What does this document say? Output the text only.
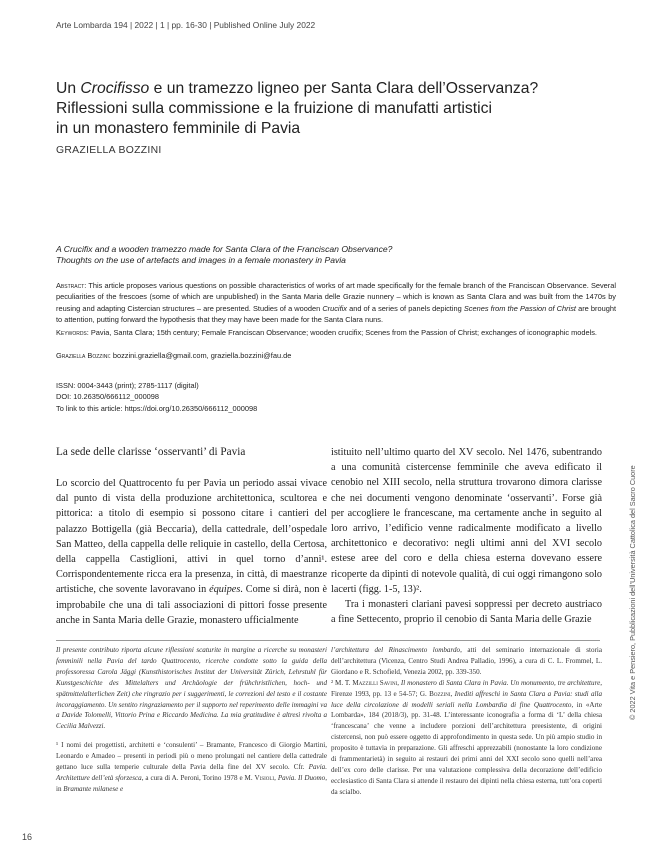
Arte Lombarda 194 | 2022 | 1 | pp. 16-30 | Published Online July 2022
Un Crocifisso e un tramezzo ligneo per Santa Clara dell’Osservanza?
Riflessioni sulla commissione e la fruizione di manufatti artistici
in un monastero femminile di Pavia
GRAZIELLA BOZZINI
A Crucifix and a wooden tramezzo made for Santa Clara of the Franciscan Observance?
Thoughts on the use of artefacts and images in a female monastery in Pavia

Abstract: This article proposes various questions on possible characteristics of works of art made specifically for the female branch of the Franciscan Observance. Several peculiarities of the frescoes (some of which are unpublished) in the Santa Maria delle Grazie nunnery – which is known as Santa Clara and was built from the 1470s by reusing and adapting Cistercian structures – are presented. Studies of a wooden Crucifix and of a series of panels depicting Scenes from the Passion of Christ are brought to attention, putting forward the hypothesis that they may have been made for the Santa Clara nuns.

Keywords: Pavia, Santa Clara; 15th century; Female Franciscan Observance; wooden crucifix; Scenes from the Passion of Christ; exchanges of iconographic models.

Graziella Bozzini: bozzini.graziella@gmail.com, graziella.bozzini@fau.de

ISSN: 0004-3443 (print); 2785-1117 (digital)
DOI: 10.26350/666112_000098
To link to this article: https://doi.org/10.26350/666112_000098
La sede delle clarisse ‘osservanti’ di Pavia

Lo scorcio del Quattrocento fu per Pavia un periodo assai vivace dal punto di vista della produzione architettonica, scultorea e pittorica: a titolo di esempio si possono citare i cantieri del palazzo Bottigella (già Beccaria), della cattedrale, dell’ospedale San Matteo, della cappella delle reliquie in castello, della Certosa, della cappella Castiglioni, attivi in quel torno d’anni¹. Corrispondentemente ricca era la presenza, in città, di maestranze artistiche, che sovente lavoravano in équipes. Come si dirà, non è improbabile che una di tali associazioni di pittori fosse presente anche in Santa Maria delle Grazie, monastero ufficialmente

istituito nell’ultimo quarto del XV secolo. Nel 1476, subentrando a una comunità cistercense femminile che aveva edificato il cenobio nel XIII secolo, nella struttura trovarono dimora clarisse che nei documenti vengono denominate ‘osservanti’. Forse già per accogliere le francescane, ma certamente anche in seguito al loro arrivo, l’edificio venne radicalmente modificato a livello architettonico e decorativo: negli ultimi anni del XVI secolo estese aree del coro e della chiesa esterna dovevano essere ricoperte da dipinti di notevole qualità, di cui oggi rimangono solo lacerti (figg. 1-5, 13)².

Tra i monasteri clariani pavesi soppressi per decreto austriaco a fine Settecento, proprio il cenobio di Santa Maria delle Grazie

Il presente contributo riporta alcune riflessioni scaturite in margine a ricerche su monasteri femminili nella Pavia del tardo Quattrocento, ricerche condotte sotto la guida della professoressa Carola Jäggi (Kunsthistorisches Institut der Universität Zürich, Lehrstuhl für Kunstgeschichte des Mittelalters und Archäologie der frühchristlichen, hoch- und spätmittelalterlichen Zeit) che ringrazio per i suggerimenti, le correzioni del testo e il costante incoraggiamento. Un sentito ringraziamento per il supporto nel reperimento delle immagini va a Davide Tolomelli, Vittorio Prina e Riccardo Medicina. La mia gratitudine è altresì rivolta a Cecilia Malvezzi.

¹ I nomi dei progettisti, architetti e ‘consulenti’ – Bramante, Francesco di Giorgio Martini, Leonardo e Amadeo – presenti in periodi più o meno prolungati nel cantiere della cattedrale gettano luce sulla temperie culturale della Pavia della fine del XV secolo. Cfr. Pavia. Architetture dell’età sforzesca, a cura di A. Peroni, Torino 1978 e M. Visioli, Pavia. Il Duomo, in Bramante milanese e

l’architettura del Rinascimento lombardo, atti del seminario internazionale di storia dell’architettura (Vicenza, Centro Studi Andrea Palladio, 1996), a cura di C. L. Frommel, L. Giordano e R. Schofield, Venezia 2002, pp. 339-350.

² M. T. Mazzilli Savini, Il monastero di Santa Clara in Pavia. Un monumento, tre architetture, Firenze 1993, pp. 13 e 54-57; G. Bozzini, Inediti affreschi in Santa Clara a Pavia: studi alla luce della circolazione di modelli seriali nella Lombardia di fine Quattrocento, in «Arte Lombarda», 184 (2018/3), pp. 31-48. L’interessante iconografia a forma di ‘L’ della chiesa ‘francescana’ che venne a includere porzioni dell’architettura preesistente, di origini cistercensi, non può essere oggetto di approfondimento in questa sede. Un più ampio studio in proposito è tuttavia in preparazione. Gli affreschi apprezzabili (nonostante la loro condizione di frammentarietà) in seguito ai restauri dei primi anni del XXI secolo sono quelli nell’area dell’ex coro delle clarisse. Per una valutazione complessiva della decorazione dell’edificio ecclesiastico di Santa Clara si attende il restauro dei dipinti nella chiesa esterna, tutt’ora coperti da scialbo.

16
© 2022 Vita e Pensiero, Pubblicazioni dell’Università Cattolica del Sacro Cuore
